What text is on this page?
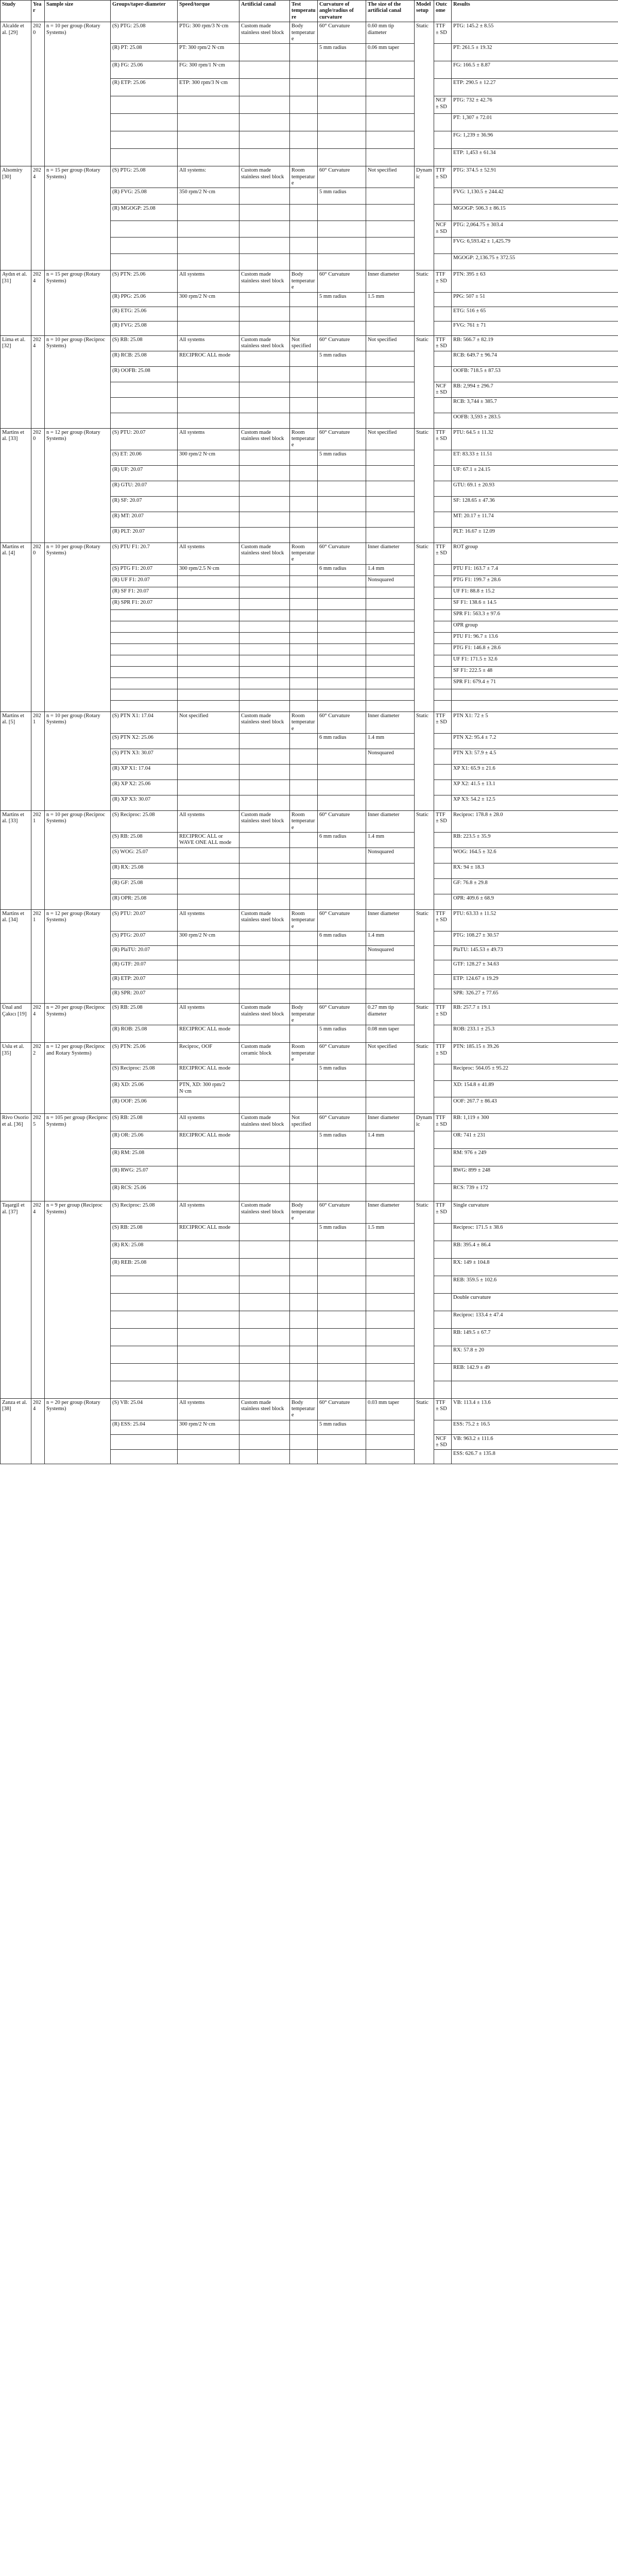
Study	Year	Sample size	Groups/taper-diameter	Speed/torque	Artificial canal	Test temperature	Curvature of angle/radius of curvature	The size of the artificial canal	Model setup	Outcome	Results
Alcalde et al. [29]	2020	n = 10 per group (Rotary Systems)	(S) PTG: 25.08	PTG: 300 rpm/3 N·cm	Custom made stainless steel block	Body temperature	60° Curvature	0.60 mm tip diameter	Static	TTF ± SD	PTG: 145.2 ± 8.55
			(R) PT: 25.08	PT: 300 rpm/2 N·cm			5 mm radius	0.06 mm taper			PT: 261.5 ± 19.32
			(R) FG: 25.06	FG: 300 rpm/1 N·cm							FG: 166.5 ± 8.87
			(R) ETP: 25.06	ETP: 300 rpm/3 N·cm							ETP: 290.5 ± 12.27
										NCF ± SD	PTG: 732 ± 42.76
											PT: 1,307 ± 72.01
											FG: 1,239 ± 36.96
											ETP: 1,453 ± 61.34
Alsomiry [30]	2024	n = 15 per group (Rotary Systems)	(S) PTG: 25.08	All systems:	Custom made stainless steel block	Room temperature	60° Curvature	Not specified	Dynamic	TTF ± SD	PTG: 374.5 ± 52.91
			(R) FVG: 25.08	350 rpm/2 N·cm			5 mm radius				FVG: 1,130.5 ± 244.42
			(R) MGOGP: 25.08								MGOGP: 506.3 ± 86.15
										NCF ± SD	PTG: 2,064.75 ± 303.4
											FVG: 6,593.42 ± 1,425.79
											MGOGP: 2,136.75 ± 372.55
Aydın et al. [31]	2024	n = 15 per group (Rotary Systems)	(S) PTN: 25.06	All systems	Custom made stainless steel block	Body temperature	60° Curvature	Inner diameter	Static	TTF ± SD	PTN: 395 ± 63
			(R) PPG: 25.06	300 rpm/2 N·cm			5 mm radius	1.5 mm			PPG: 507 ± 51
			(R) ETG: 25.06								ETG: 516 ± 65
			(R) FVG: 25.08								FVG: 761 ± 71
Lima et al. [32]	2024	n = 10 per group (Reciproc Systems)	(S) RB: 25.08	All systems	Custom made stainless steel block	Not specified	60° Curvature	Not specified	Static	TTF ± SD	RB: 566.7 ± 82.19
			(R) RCB: 25.08	RECIPROC ALL mode			5 mm radius				RCB: 649.7 ± 96.74
			(R) OOFB: 25.08								OOFB: 718.5 ± 87.53
										NCF ± SD	RB: 2,994 ± 296.7
											RCB: 3,744 ± 385.7
											OOFB: 3,593 ± 283.5
Martins et al. [33]	2020	n = 12 per group (Rotary Systems)	(S) PTU: 20.07	All systems	Custom made stainless steel block	Room temperature	60° Curvature	Not specified	Static	TTF ± SD	PTU: 64.5 ± 11.32
			(S) ET: 20.06	300 rpm/2 N·cm			5 mm radius				ET: 83.33 ± 11.51
			(R) UF: 20.07								UF: 67.1 ± 24.15
			(R) GTU: 20.07								GTU: 69.1 ± 20.93
			(R) SF: 20.07								SF: 128.65 ± 47.36
			(R) MT: 20.07								MT: 20.17 ± 11.74
			(R) PLT: 20.07								PLT: 16.67 ± 12.09
Martins et al. [4]	2020	n = 10 per group (Rotary Systems)	(S) PTU F1: 20.7	All systems	Custom made stainless steel block	Room temperature	60° Curvature	Inner diameter	Static	TTF ± SD	ROT group
			(S) PTG F1: 20.07	300 rpm/2.5 N·cm			6 mm radius	1.4 mm			PTU F1: 163.7 ± 7.4
			(R) UF F1: 20.07					Nonsquared			PTG F1: 199.7 ± 28.6
			(R) SF F1: 20.07								UF F1: 88.8 ± 15.2
			(R) SPR F1: 20.07								SF F1: 138.6 ± 14.5
											SPR F1: 563.3 ± 97.6
											OPR group
											PTU F1: 96.7 ± 13.6
											PTG F1: 146.8 ± 28.6
											UF F1: 171.5 ± 32.6
											SF F1: 222.5 ± 48
											SPR F1: 679.4 ± 71

Martins et al. [5]	2021	n = 10 per group (Rotary Systems)	(S) PTN X1: 17.04	Not specified	Custom made stainless steel block	Room temperature	60° Curvature	Inner diameter	Static	TTF ± SD	PTN X1: 72 ± 5
			(S) PTN X2: 25.06				6 mm radius	1.4 mm			PTN X2: 95.4 ± 7.2
			(S) PTN X3: 30.07					Nonsquared			PTN X3: 57.9 ± 4.5
			(R) XP X1: 17.04								XP X1: 65.9 ± 21.6
			(R) XP X2: 25.06								XP X2: 41.5 ± 13.1
			(R) XP X3: 30.07								XP X3: 54.2 ± 12.5
Martins et al. [33]	2021	n = 10 per group (Reciproc Systems)	(S) Reciproc: 25.08	All systems	Custom made stainless steel block	Room temperature	60° Curvature	Inner diameter	Static	TTF ± SD	Reciproc: 178.8 ± 28.0
			(S) RB: 25.08	RECIPROC ALL or WAVE ONE ALL mode			6 mm radius	1.4 mm			RB: 223.5 ± 35.9
			(S) WOG: 25.07					Nonsquared			WOG: 164.5 ± 32.6
			(R) RX: 25.08								RX: 94 ± 18.3
			(R) GF: 25.08								GF: 76.8 ± 29.8
			(R) OPR: 25.08								OPR: 409.6 ± 68.9
Martins et al. [34]	2021	n = 12 per group (Rotary Systems)	(S) PTU: 20.07	All systems	Custom made stainless steel block	Room temperature	60° Curvature	Inner diameter	Static	TTF ± SD	PTU: 63.33 ± 11.52
			(S) PTG: 20.07	300 rpm/2 N·cm			6 mm radius	1.4 mm			PTG: 108.27 ± 30.57
			(R) PlaTU: 20.07					Nonsquared			PlaTU: 145.53 ± 49.73
			(R) GTF: 20.07								GTF: 128.27 ± 34.63
			(R) ETP: 20.07								ETP: 124.67 ± 19.29
			(R) SPR: 20.07								SPR: 326.27 ± 77.65
Ünal and Çakıcı [19]	2024	n = 20 per group (Reciproc Systems)	(S) RB: 25.08	All systems	Custom made stainless steel block	Body temperature	60° Curvature	0.27 mm tip diameter	Static	TTF ± SD	RB: 257.7 ± 19.1
			(R) ROB: 25.08	RECIPROC ALL mode			5 mm radius	0.08 mm taper			ROB: 233.1 ± 25.3
Uslu et al. [35]	2022	n = 12 per group (Reciproc and Rotary Systems)	(S) PTN: 25.06	Reciproc, OOF	Custom made ceramic block	Room temperature	60° Curvature	Not specified	Static	TTF ± SD	PTN: 185.15 ± 39.26
			(S) Reciproc: 25.08	RECIPROC ALL mode			5 mm radius				Reciproc: 564.05 ± 95.22
			(R) XD: 25.06	PTN, XD: 300 rpm/2 N·cm							XD: 154.8 ± 41.89
			(R) OOF: 25.06								OOF: 267.7 ± 86.43
Rivo Osorio et al. [36]	2025	n = 105 per group (Reciproc Systems)	(S) RB: 25.08	All systems	Custom made stainless steel block	Not specified	60° Curvature	Inner diameter	Dynamic	TTF ± SD	RB: 1,119 ± 300
			(R) OR: 25.06	RECIPROC ALL mode			5 mm radius	1.4 mm			OR: 741 ± 231
			(R) RM: 25.08								RM: 976 ± 249
			(R) RWG: 25.07								RWG: 899 ± 248
			(R) RCS: 25.06								RCS: 739 ± 172
Taşargil et al. [37]	2024	n = 9 per group (Reciproc Systems)	(S) Reciproc: 25.08	All systems	Custom made stainless steel block	Body temperature	60° Curvature	Inner diameter	Static	TTF ± SD	Single curvature
			(S) RB: 25.08	RECIPROC ALL mode			5 mm radius	1.5 mm			Reciproc: 171.5 ± 38.6
			(R) RX: 25.08								RB: 395.4 ± 86.4
			(R) REB: 25.08								RX: 149 ± 104.8
											REB: 359.5 ± 102.6
											Double curvature
											Reciproc: 133.4 ± 47.4
											RB: 149.5 ± 67.7
											RX: 57.8 ± 20
											REB: 142.9 ± 49

Zanza et al. [38]	2024	n = 20 per group (Rotary Systems)	(S) VB: 25.04	All systems	Custom made stainless steel block	Body temperature	60° Curvature	0.03 mm taper	Static	TTF ± SD	VB: 113.4 ± 13.6
			(R) ESS: 25.04	300 rpm/2 N·cm			5 mm radius				ESS: 75.2 ± 16.5
										NCF ± SD	VB: 963.2 ± 111.6
											ESS: 626.7 ± 135.8
